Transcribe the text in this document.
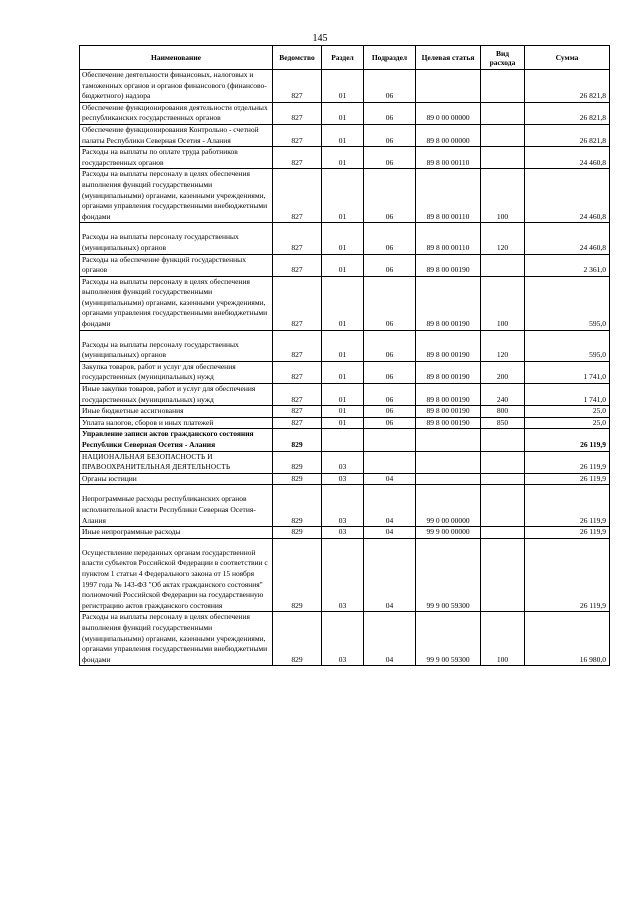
145
Наименование	Ведомство	Раздел	Подраздел	Целевая статья	Вид расхода	Сумма
Обеспечение деятельности финансовых, налоговых и таможенных органов и органов финансового (финансово-бюджетного) надзора	827	01	06			26 821,8
Обеспечение функционирования деятельности отдельных республиканских государственных органов	827	01	06	89 0 00 00000		26 821,8
Обеспечение функционирования Контрольно - счетной палаты Республики Северная Осетия - Алания	827	01	06	89 8 00 00000		26 821,8
Расходы на выплаты по оплате труда работников государственных органов	827	01	06	89 8 00 00110		24 460,8
Расходы на выплаты персоналу в целях обеспечения выполнения функций государственными (муниципальными) органами, казенными учреждениями, органами управления государственными внебюджетными фондами	827	01	06	89 8 00 00110	100	24 460,8
Расходы на выплаты персоналу государственных (муниципальных) органов	827	01	06	89 8 00 00110	120	24 460,8
Расходы на обеспечение функций государственных органов	827	01	06	89 8 00 00190		2 361,0
Расходы на выплаты персоналу в целях обеспечения выполнения функций государственными (муниципальными) органами, казенными учреждениями, органами управления государственными внебюджетными фондами	827	01	06	89 8 00 00190	100	595,0
Расходы на выплаты персоналу государственных (муниципальных) органов	827	01	06	89 8 00 00190	120	595,0
Закупка товаров, работ и услуг для обеспечения государственных (муниципальных) нужд	827	01	06	89 8 00 00190	200	1 741,0
Иные закупки товаров, работ и услуг для обеспечения государственных (муниципальных) нужд	827	01	06	89 8 00 00190	240	1 741,0
Иные бюджетные ассигнования	827	01	06	89 8 00 00190	800	25,0
Уплата налогов, сборов и иных платежей	827	01	06	89 8 00 00190	850	25,0
Управление записи актов гражданского состояния Республики Северная Осетия - Алания	829					26 119,9
НАЦИОНАЛЬНАЯ БЕЗОПАСНОСТЬ И ПРАВООХРАНИТЕЛЬНАЯ ДЕЯТЕЛЬНОСТЬ	829	03				26 119,9
Органы юстиции	829	03	04			26 119,9
Непрограммные расходы республиканских органов исполнительной власти Республики Северная Осетия-Алания	829	03	04	99 0 00 00000		26 119,9
Иные непрограммные расходы	829	03	04	99 9 00 00000		26 119,9
Осуществление переданных органам государственной власти субъектов Российской Федерации в соответствии с пунктом 1 статьи 4 Федерального закона от 15 ноября 1997 года № 143-ФЗ "Об актах гражданского состояния" полномочий Российской Федерации на государственную регистрацию актов гражданского состояния	829	03	04	99 9 00 59300		26 119,9
Расходы на выплаты персоналу в целях обеспечения выполнения функций государственными (муниципальными) органами, казенными учреждениями, органами управления государственными внебюджетными фондами	829	03	04	99 9 00 59300	100	16 980,0
